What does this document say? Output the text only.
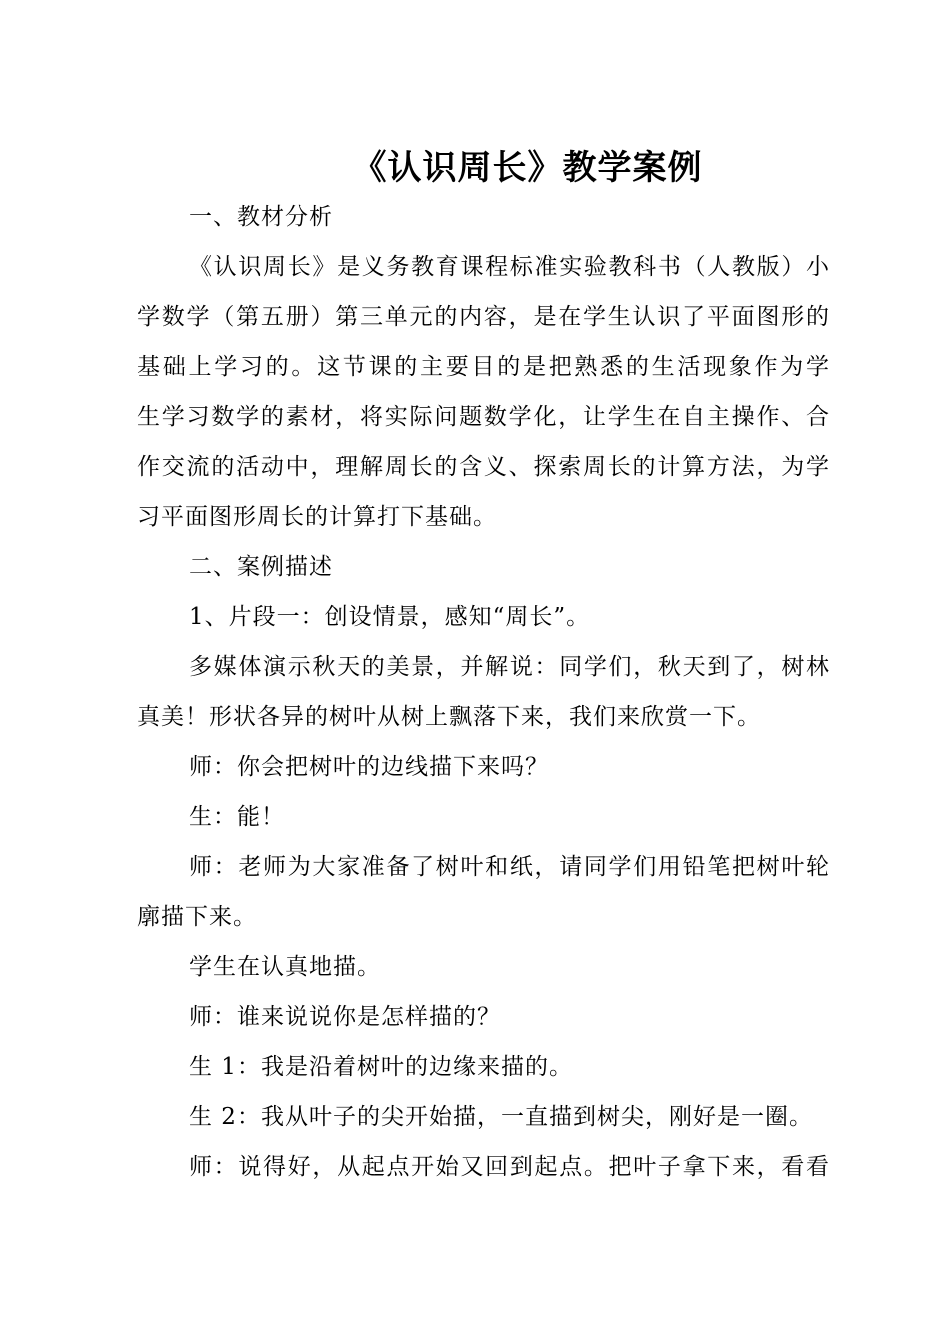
《认识周长》教学案例
一、教材分析
《认识周长》是义务教育课程标准实验教科书（人教版）小
学数学（第五册）第三单元的内容，是在学生认识了平面图形的
基础上学习的。这节课的主要目的是把熟悉的生活现象作为学
生学习数学的素材，将实际问题数学化，让学生在自主操作、合
作交流的活动中，理解周长的含义、探索周长的计算方法，为学
习平面图形周长的计算打下基础。
二、案例描述
1、片段一：创设情景，感知“周长”。
多媒体演示秋天的美景，并解说：同学们，秋天到了，树林
真美！形状各异的树叶从树上飘落下来，我们来欣赏一下。
师：你会把树叶的边线描下来吗？
生：能！
师：老师为大家准备了树叶和纸，请同学们用铅笔把树叶轮
廓描下来。
学生在认真地描。
师：谁来说说你是怎样描的？
生 1：我是沿着树叶的边缘来描的。
生 2：我从叶子的尖开始描，一直描到树尖，刚好是一圈。
师：说得好，从起点开始又回到起点。把叶子拿下来，看看
